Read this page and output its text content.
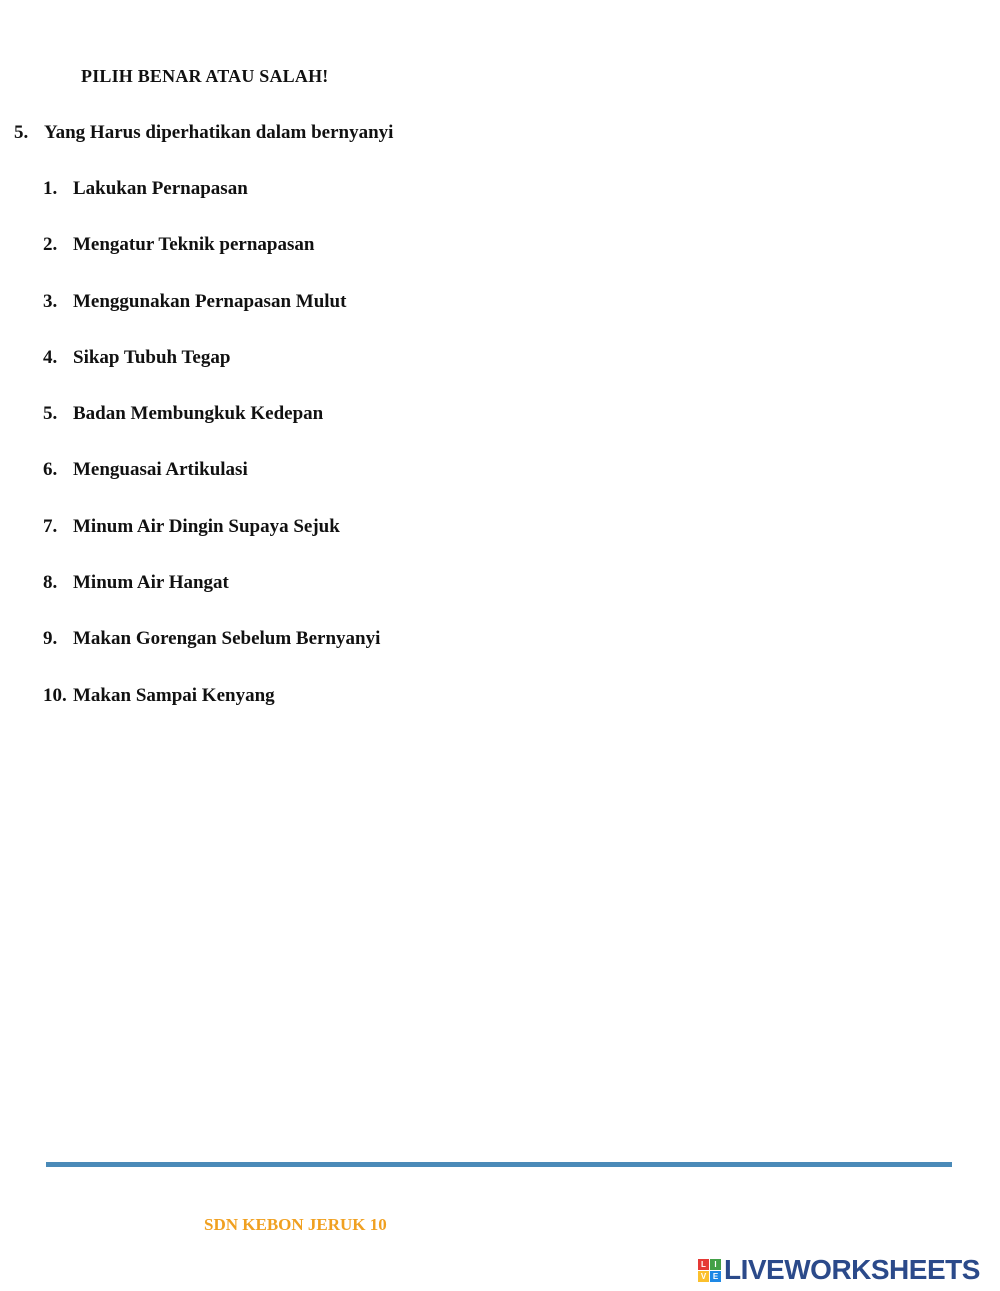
PILIH BENAR ATAU SALAH!
5. Yang Harus diperhatikan dalam bernyanyi
1. Lakukan Pernapasan
2. Mengatur Teknik pernapasan
3. Menggunakan Pernapasan Mulut
4. Sikap Tubuh Tegap
5. Badan Membungkuk Kedepan
6. Menguasai Artikulasi
7. Minum Air Dingin Supaya Sejuk
8. Minum Air Hangat
9. Makan Gorengan Sebelum Bernyanyi
10. Makan Sampai Kenyang
SDN KEBON JERUK 10
L	I
V E LIVEWORKSHEETS
